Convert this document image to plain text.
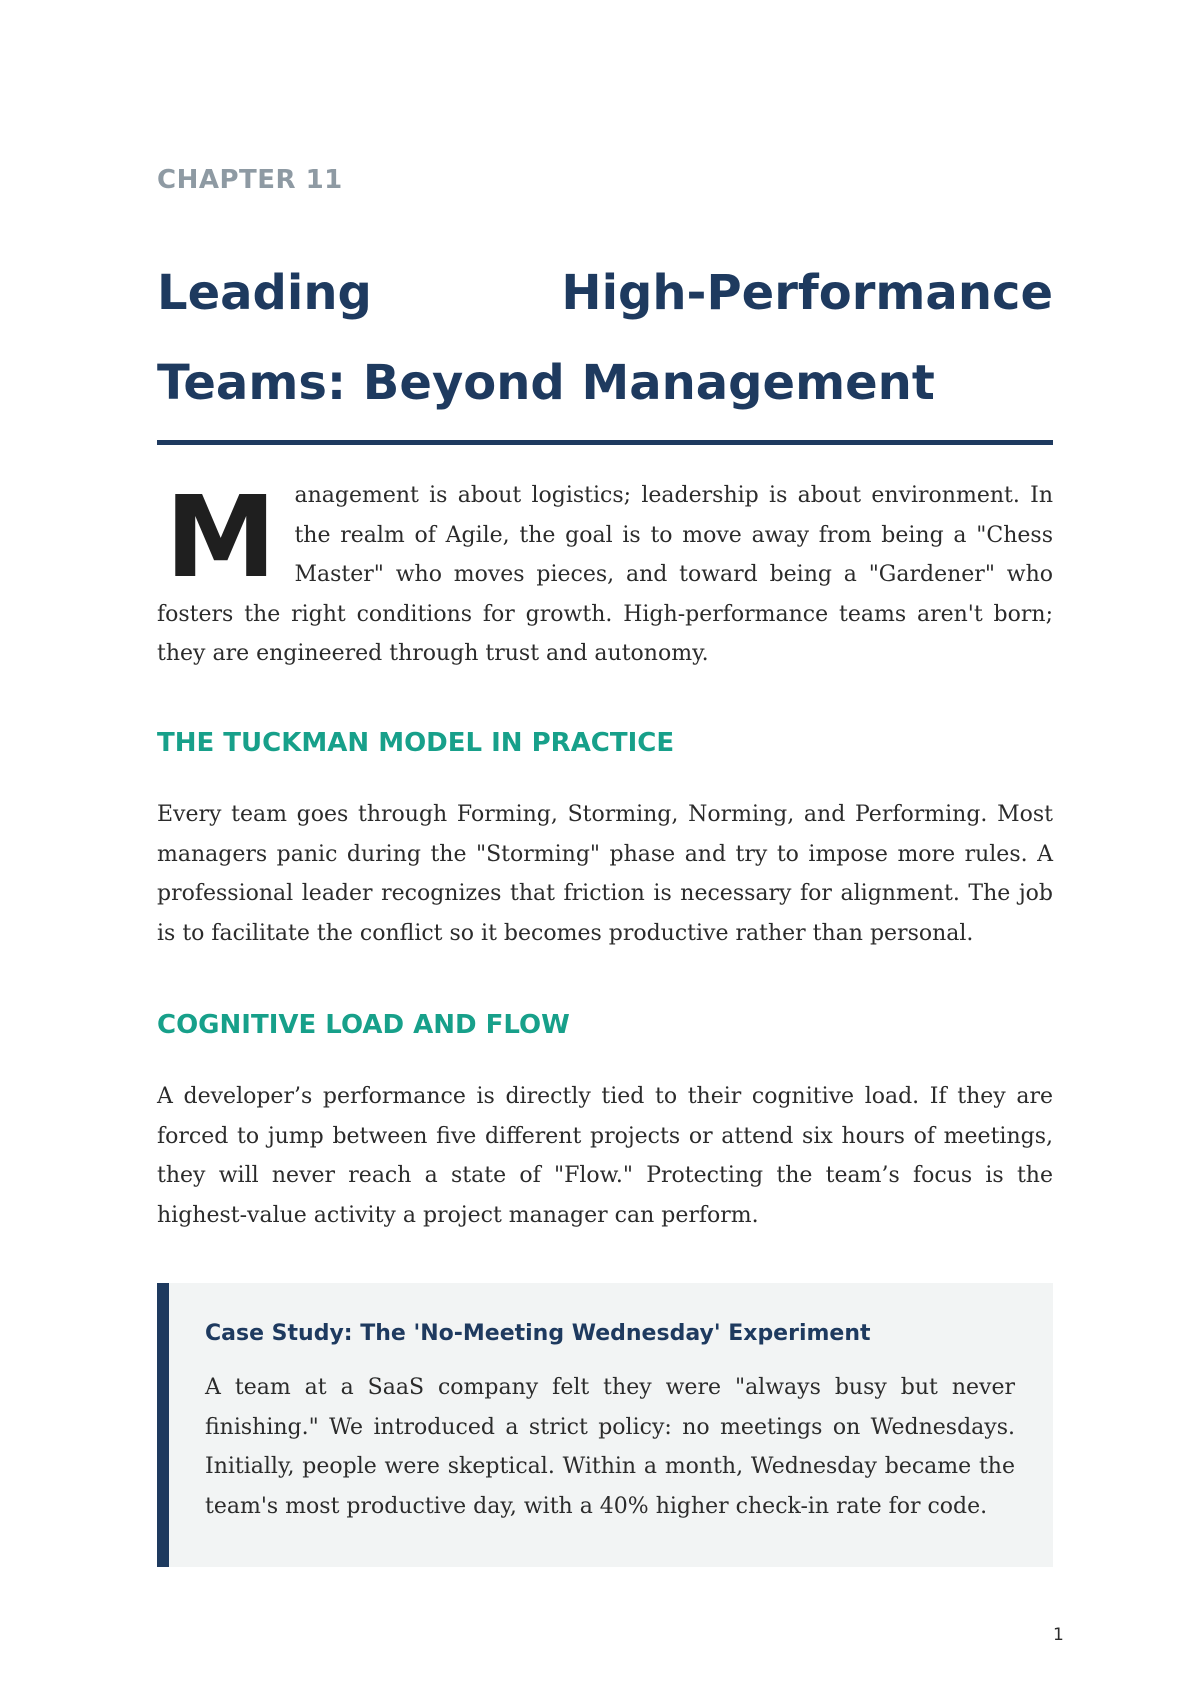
CHAPTER 11
Leading High-Performance Teams: Beyond Management
M anagement is about logistics; leadership is about environment. In the realm of Agile, the goal is to move away from being a "Chess Master" who moves pieces, and toward being a "Gardener" who fosters the right conditions for growth. High-performance teams aren't born; they are engineered through trust and autonomy.

THE TUCKMAN MODEL IN PRACTICE

Every team goes through Forming, Storming, Norming, and Performing. Most managers panic during the "Storming" phase and try to impose more rules. A professional leader recognizes that friction is necessary for alignment. The job is to facilitate the conflict so it becomes productive rather than personal.

COGNITIVE LOAD AND FLOW

A developer’s performance is directly tied to their cognitive load. If they are forced to jump between five different projects or attend six hours of meetings, they will never reach a state of "Flow." Protecting the team’s focus is the highest-value activity a project manager can perform.

Case Study: The 'No-Meeting Wednesday' Experiment

A team at a SaaS company felt they were "always busy but never finishing." We introduced a strict policy: no meetings on Wednesdays. Initially, people were skeptical. Within a month, Wednesday became the team's most productive day, with a 40% higher check-in rate for code.

1
